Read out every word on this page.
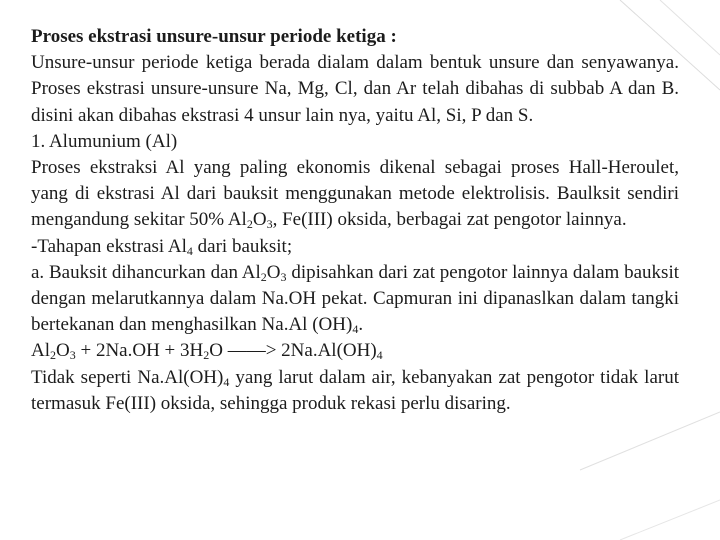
Proses ekstrasi unsure-unsur periode ketiga :

Unsure-unsur periode ketiga berada dialam dalam bentuk unsure dan senyawanya. Proses ekstrasi unsure-unsure Na, Mg, Cl, dan Ar telah dibahas di subbab A dan B. disini akan dibahas ekstrasi 4 unsur lain nya, yaitu Al, Si, P dan S.

1. Alumunium (Al)

Proses ekstraksi Al yang paling ekonomis dikenal sebagai proses Hall-Heroulet, yang di ekstrasi Al dari bauksit menggunakan metode elektrolisis. Baulksit sendiri mengandung sekitar 50% $Al_2O_3$, Fe(III) oksida, berbagai zat pengotor lainnya.

-Tahapan ekstrasi $Al_4$ dari bauksit;

a. Bauksit dihancurkan dan $Al_2O_3$ dipisahkan dari zat pengotor lainnya dalam bauksit dengan melarutkannya dalam Na.OH pekat. Capmuran ini dipanaslkan dalam tangki bertekanan dan menghasilkan Na.Al $(OH)_4$.

$Al_2O_3 + 2Na.OH + 3H_2O$ ——> $2Na.Al(OH)_4$

Tidak seperti $Na.Al(OH)_4$ yang larut dalam air, kebanyakan zat pengotor tidak larut termasuk Fe(III) oksida, sehingga produk rekasi perlu disaring.
